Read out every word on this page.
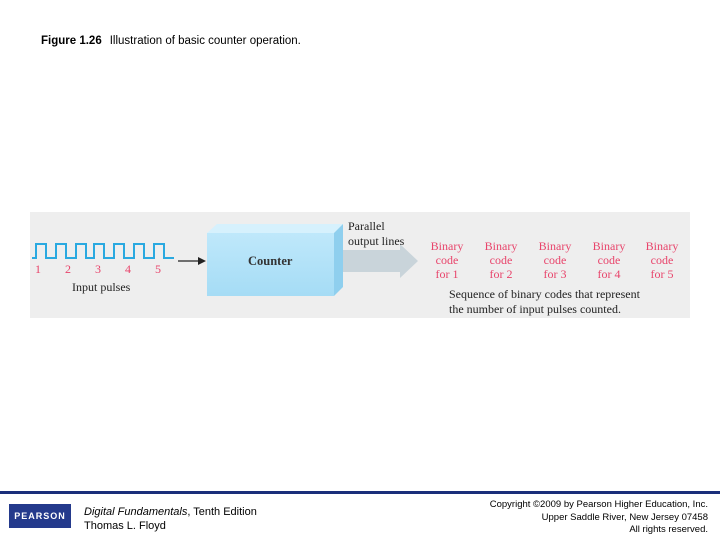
Figure 1.26 Illustration of basic counter operation.
1 2 3 4 5
Input pulses
Counter
Parallel
output lines	Binary
code
for 1
Binary
code
for 2
Binary
code
for 3
Binary
code
for 4
Binary
code
for 5
Sequence of binary codes that represent
the number of input pulses counted.
PEARSON	Digital Fundamentals, Tenth Edition
Thomas L. Floyd
Copyright ©2009 by Pearson Higher Education, Inc.
Upper Saddle River, New Jersey 07458
All rights reserved.
